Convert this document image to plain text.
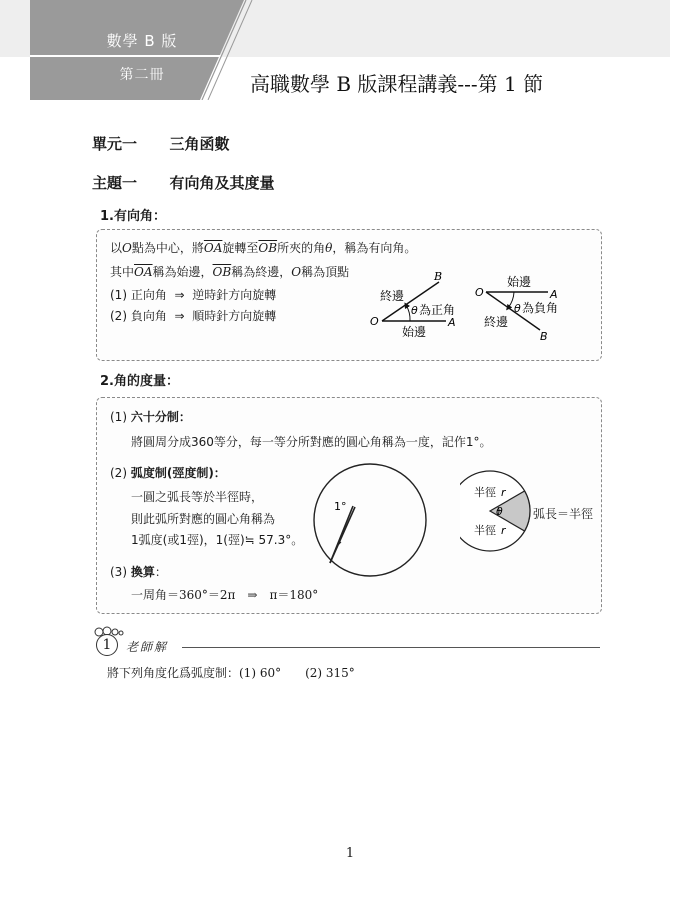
數學 B 版
第二冊	高職數學 B 版課程講義---第 1 節
單元一 三角函數
主題一 有向角及其度量
1.有向角：
以O點為中心，將$\overline{OA}$旋轉至$\overline{OB}$所夾的角θ，稱為有向角。
其中$\overline{OA}$稱為始邊，$\overline{OB}$稱為終邊，O稱為頂點
(1) 正向角 ⇒ 逆時針方向旋轉
(2) 負向角 ⇒ 順時針方向旋轉
B
O	A
終邊
始邊
θ 為正角
O	A
B
始邊
終邊
θ 為負角
2.角的度量：
(1) 六十分制：
將圓周分成360等分，每一等分所對應的圓心角稱為一度，記作1°。
(2) 弧度制(弳度制)：
一圓之弧長等於半徑時，
則此弧所對應的圓心角稱為
1弧度(或1弳)，1(弳)≒ 57.3°。
1°
半徑 r
半徑 r
θ	弧長＝半徑
(3) 換算：
一周角＝360°＝2π　⇒　π＝180°
1	老師解
將下列角度化爲弧度制：(1) 60°　　(2) 315°
1
